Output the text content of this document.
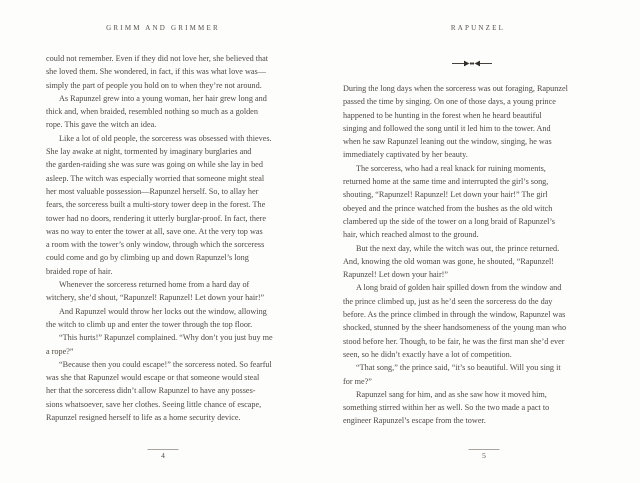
GRIMM AND GRIMMER
could not remember. Even if they did not love her, she believed that
she loved them. She wondered, in fact, if this was what love was—
simply the part of people you hold on to when they’re not around.
As Rapunzel grew into a young woman, her hair grew long and
thick and, when braided, resembled nothing so much as a golden
rope. This gave the witch an idea.
Like a lot of old people, the sorceress was obsessed with thieves.
She lay awake at night, tormented by imaginary burglaries and
the garden-raiding she was sure was going on while she lay in bed
asleep. The witch was especially worried that someone might steal
her most valuable possession—Rapunzel herself. So, to allay her
fears, the sorceress built a multi-story tower deep in the forest. The
tower had no doors, rendering it utterly burglar-proof. In fact, there
was no way to enter the tower at all, save one. At the very top was
a room with the tower’s only window, through which the sorceress
could come and go by climbing up and down Rapunzel’s long
braided rope of hair.
Whenever the sorceress returned home from a hard day of
witchery, she’d shout, “Rapunzel! Rapunzel! Let down your hair!”
And Rapunzel would throw her locks out the window, allowing
the witch to climb up and enter the tower through the top floor.
“This hurts!” Rapunzel complained. “Why don’t you just buy me
a rope?”
“Because then you could escape!” the sorceress noted. So fearful
was she that Rapunzel would escape or that someone would steal
her that the sorceress didn’t allow Rapunzel to have any posses-
sions whatsoever, save her clothes. Seeing little chance of escape,
Rapunzel resigned herself to life as a home security device.
4
RAPUNZEL
During the long days when the sorceress was out foraging, Rapunzel
passed the time by singing. On one of those days, a young prince
happened to be hunting in the forest when he heard beautiful
singing and followed the song until it led him to the tower. And
when he saw Rapunzel leaning out the window, singing, he was
immediately captivated by her beauty.
The sorceress, who had a real knack for ruining moments,
returned home at the same time and interrupted the girl’s song,
shouting, “Rapunzel! Rapunzel! Let down your hair!” The girl
obeyed and the prince watched from the bushes as the old witch
clambered up the side of the tower on a long braid of Rapunzel’s
hair, which reached almost to the ground.
But the next day, while the witch was out, the prince returned.
And, knowing the old woman was gone, he shouted, “Rapunzel!
Rapunzel! Let down your hair!”
A long braid of golden hair spilled down from the window and
the prince climbed up, just as he’d seen the sorceress do the day
before. As the prince climbed in through the window, Rapunzel was
shocked, stunned by the sheer handsomeness of the young man who
stood before her. Though, to be fair, he was the first man she’d ever
seen, so he didn’t exactly have a lot of competition.
“That song,” the prince said, “it’s so beautiful. Will you sing it
for me?”
Rapunzel sang for him, and as she saw how it moved him,
something stirred within her as well. So the two made a pact to
engineer Rapunzel’s escape from the tower.
5
